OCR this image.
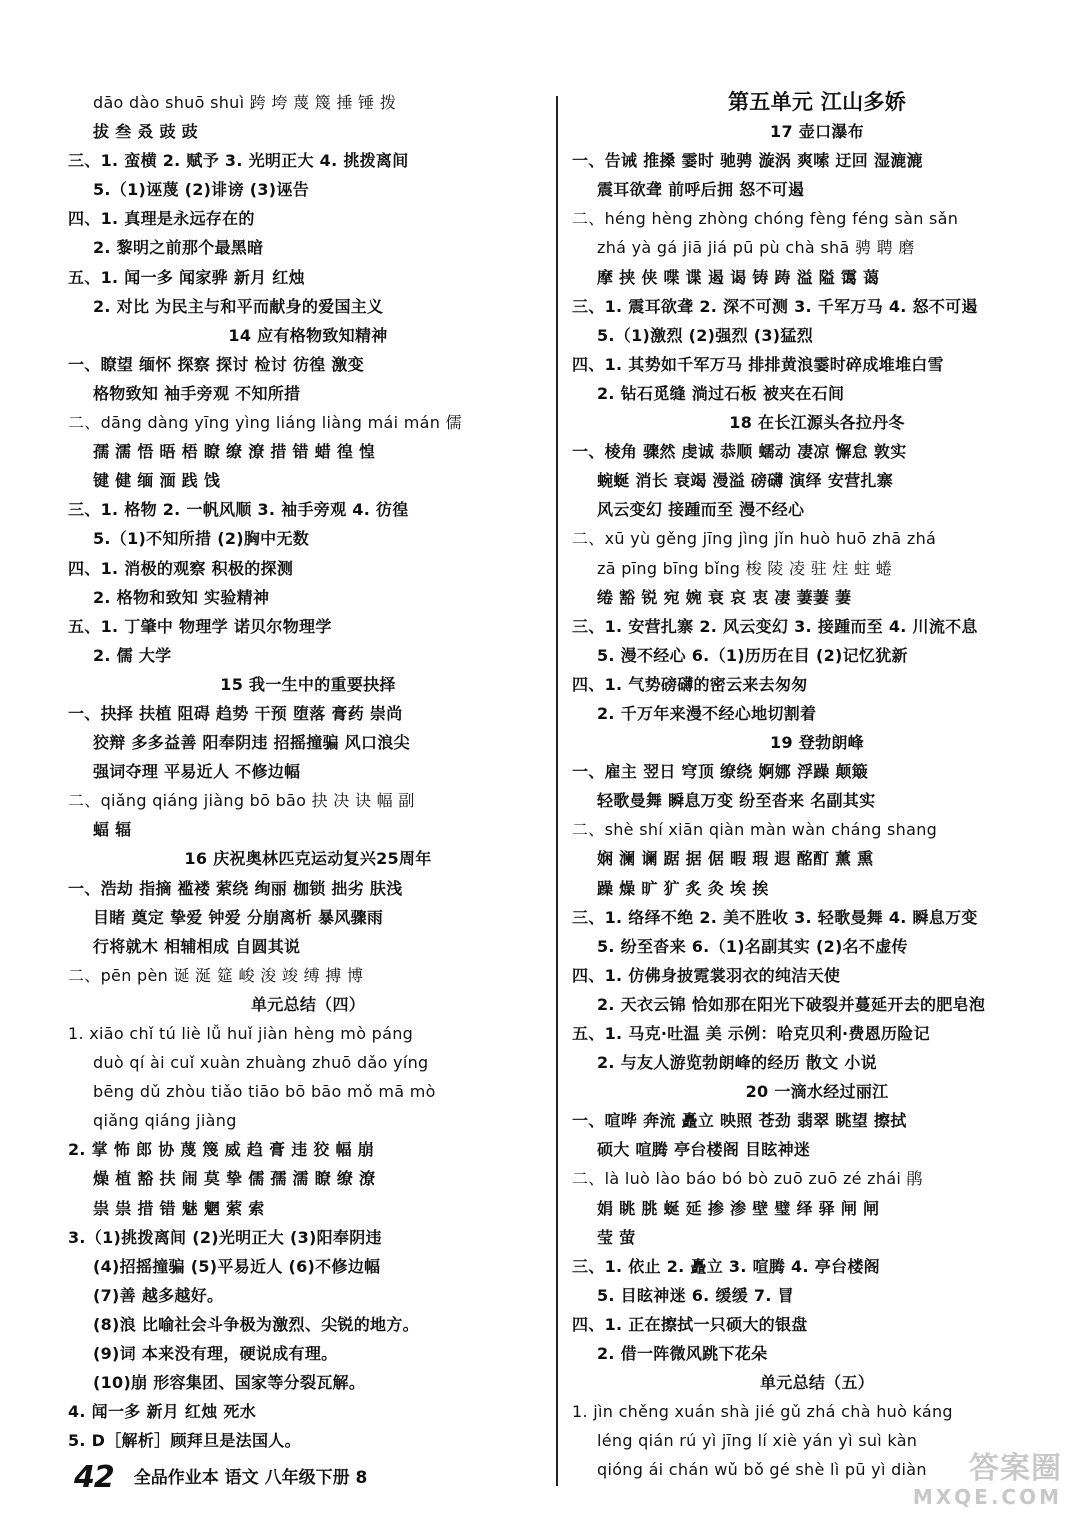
dāo dào shuō shuì 跨 垮 蔑 篾 捶 锤 拨
拔 叁 叒 豉 豉
三、1. 蛮横 2. 赋予 3. 光明正大 4. 挑拨离间
5.（1)诬蔑 (2)诽谤 (3)诬告
四、1. 真理是永远存在的
2. 黎明之前那个最黑暗
五、1. 闻一多 闻家骅 新月 红烛
2. 对比 为民主与和平而献身的爱国主义
14 应有格物致知精神
一、瞭望 缅怀 探察 探讨 检讨 彷徨 激变
格物致知 袖手旁观 不知所措
二、dāng dàng yīng yìng liáng liàng mái mán 儒
孺 濡 悟 晤 梧 瞭 缭 潦 措 错 蜡 徨 惶
键 健 缅 湎 践 饯
三、1. 格物 2. 一帆风顺 3. 袖手旁观 4. 彷徨
5.（1)不知所措 (2)胸中无数
四、1. 消极的观察 积极的探测
2. 格物和致知 实验精神
五、1. 丁肇中 物理学 诺贝尔物理学
2. 儒 大学
15 我一生中的重要抉择
一、抉择 扶植 阻碍 趋势 干预 堕落 膏药 崇尚
狡辩 多多益善 阳奉阴违 招摇撞骗 风口浪尖
强词夺理 平易近人 不修边幅
二、qiǎng qiáng jiàng bō bāo 抉 决 诀 幅 副
蝠 辐
16 庆祝奥林匹克运动复兴25周年
一、浩劫 指摘 褴褛 萦绕 绚丽 枷锁 拙劣 肤浅
目睹 奠定 挚爱 钟爱 分崩离析 暴风骤雨
行将就木 相辅相成 自圆其说
二、pēn pèn 诞 涎 筵 峻 浚 竣 缚 搏 博
单元总结（四）
1. xiāo chǐ tú liè lǚ huǐ jiàn hèng mò páng
duò qí ài cuǐ xuàn zhuàng zhuō dǎo yíng
bēng dǔ zhòu tiǎo tiāo bō bāo mǒ mā mò
qiǎng qiáng jiàng
2. 掌 怖 郎 协 蔑 篾 威 趋 膏 违 狡 幅 崩
燥 植 豁 扶 闹 莫 挚 儒 孺 濡 瞭 缭 潦
祟 祟 措 错 魅 魍 萦 索
3.（1)挑拨离间 (2)光明正大 (3)阳奉阴违
(4)招摇撞骗 (5)平易近人 (6)不修边幅
(7)善 越多越好。
(8)浪 比喻社会斗争极为激烈、尖锐的地方。
(9)词 本来没有理，硬说成有理。
(10)崩 形容集团、国家等分裂瓦解。
4. 闻一多 新月 红烛 死水
5. D［解析］顾拜旦是法国人。
第五单元 江山多娇
17 壶口瀑布
一、告诫 推搡 霎时 驰骋 漩涡 爽嗦 迂回 湿漉漉
震耳欲聋 前呼后拥 怒不可遏
二、héng hèng zhòng chóng fèng féng sàn sǎn
zhá yà gá jiā jiá pū pù chà shā 骋 聘 磨
摩 挟 侠 喋 谍 遏 谒 铸 踌 溢 隘 霭 蔼
三、1. 震耳欲聋 2. 深不可测 3. 千军万马 4. 怒不可遏
5.（1)激烈 (2)强烈 (3)猛烈
四、1. 其势如千军万马 排排黄浪霎时碎成堆堆白雪
2. 钻石觅缝 淌过石板 被夹在石间
18 在长江源头各拉丹冬
一、棱角 骤然 虔诚 恭顺 蠕动 凄凉 懈怠 敦实
蜿蜒 消长 衰竭 漫溢 磅礴 演绎 安营扎寨
风云变幻 接踵而至 漫不经心
二、xū yù gěng jīng jìng jǐn huò huō zhā zhá
zā pīng bīng bǐng 梭 陵 凌 驻 炷 蛀 蜷
绻 豁 锐 宛 婉 衰 哀 衷 凄 萋萋 萋
三、1. 安营扎寨 2. 风云变幻 3. 接踵而至 4. 川流不息
5. 漫不经心 6.（1)历历在目 (2)记忆犹新
四、1. 气势磅礴的密云来去匆匆
2. 千万年来漫不经心地切割着
19 登勃朗峰
一、雇主 翌日 穹顶 缭绕 婀娜 浮躁 颠簸
轻歌曼舞 瞬息万变 纷至沓来 名副其实
二、shè shí xiān qiàn màn wàn cháng shang
娴 澜 谰 踞 据 倨 暇 瑕 遐 酩酊 薰 熏
躁 燥 旷 犷 炙 灸 埃 挨
三、1. 络绎不绝 2. 美不胜收 3. 轻歌曼舞 4. 瞬息万变
5. 纷至沓来 6.（1)名副其实 (2)名不虚传
四、1. 仿佛身披霓裳羽衣的纯洁天使
2. 天衣云锦 恰如那在阳光下破裂并蔓延开去的肥皂泡
五、1. 马克·吐温 美 示例：哈克贝利·费恩历险记
2. 与友人游览勃朗峰的经历 散文 小说
20 一滴水经过丽江
一、喧哗 奔流 矗立 映照 苍劲 翡翠 眺望 擦拭
硕大 喧腾 亭台楼阁 目眩神迷
二、là luò lào báo bó bò zuō zuō zé zhái 鹃
娟 眺 朓 蜒 延 掺 渗 壁 璧 绎 驿 闸 闸
莹 萤
三、1. 依止 2. 矗立 3. 喧腾 4. 亭台楼阁
5. 目眩神迷 6. 缓缓 7. 冒
四、1. 正在擦拭一只硕大的银盘
2. 借一阵微风跳下花朵
单元总结（五）
1. jìn chěng xuán shà jié gǔ zhá chà huò káng
léng qián rú yì jīng lí xiè yán yì suì kàn
qióng ái chán wǔ bǒ gé shè lì pū yì diàn
42 全品作业本 语文 八年级下册 8	答案圈
MXQE.COM
